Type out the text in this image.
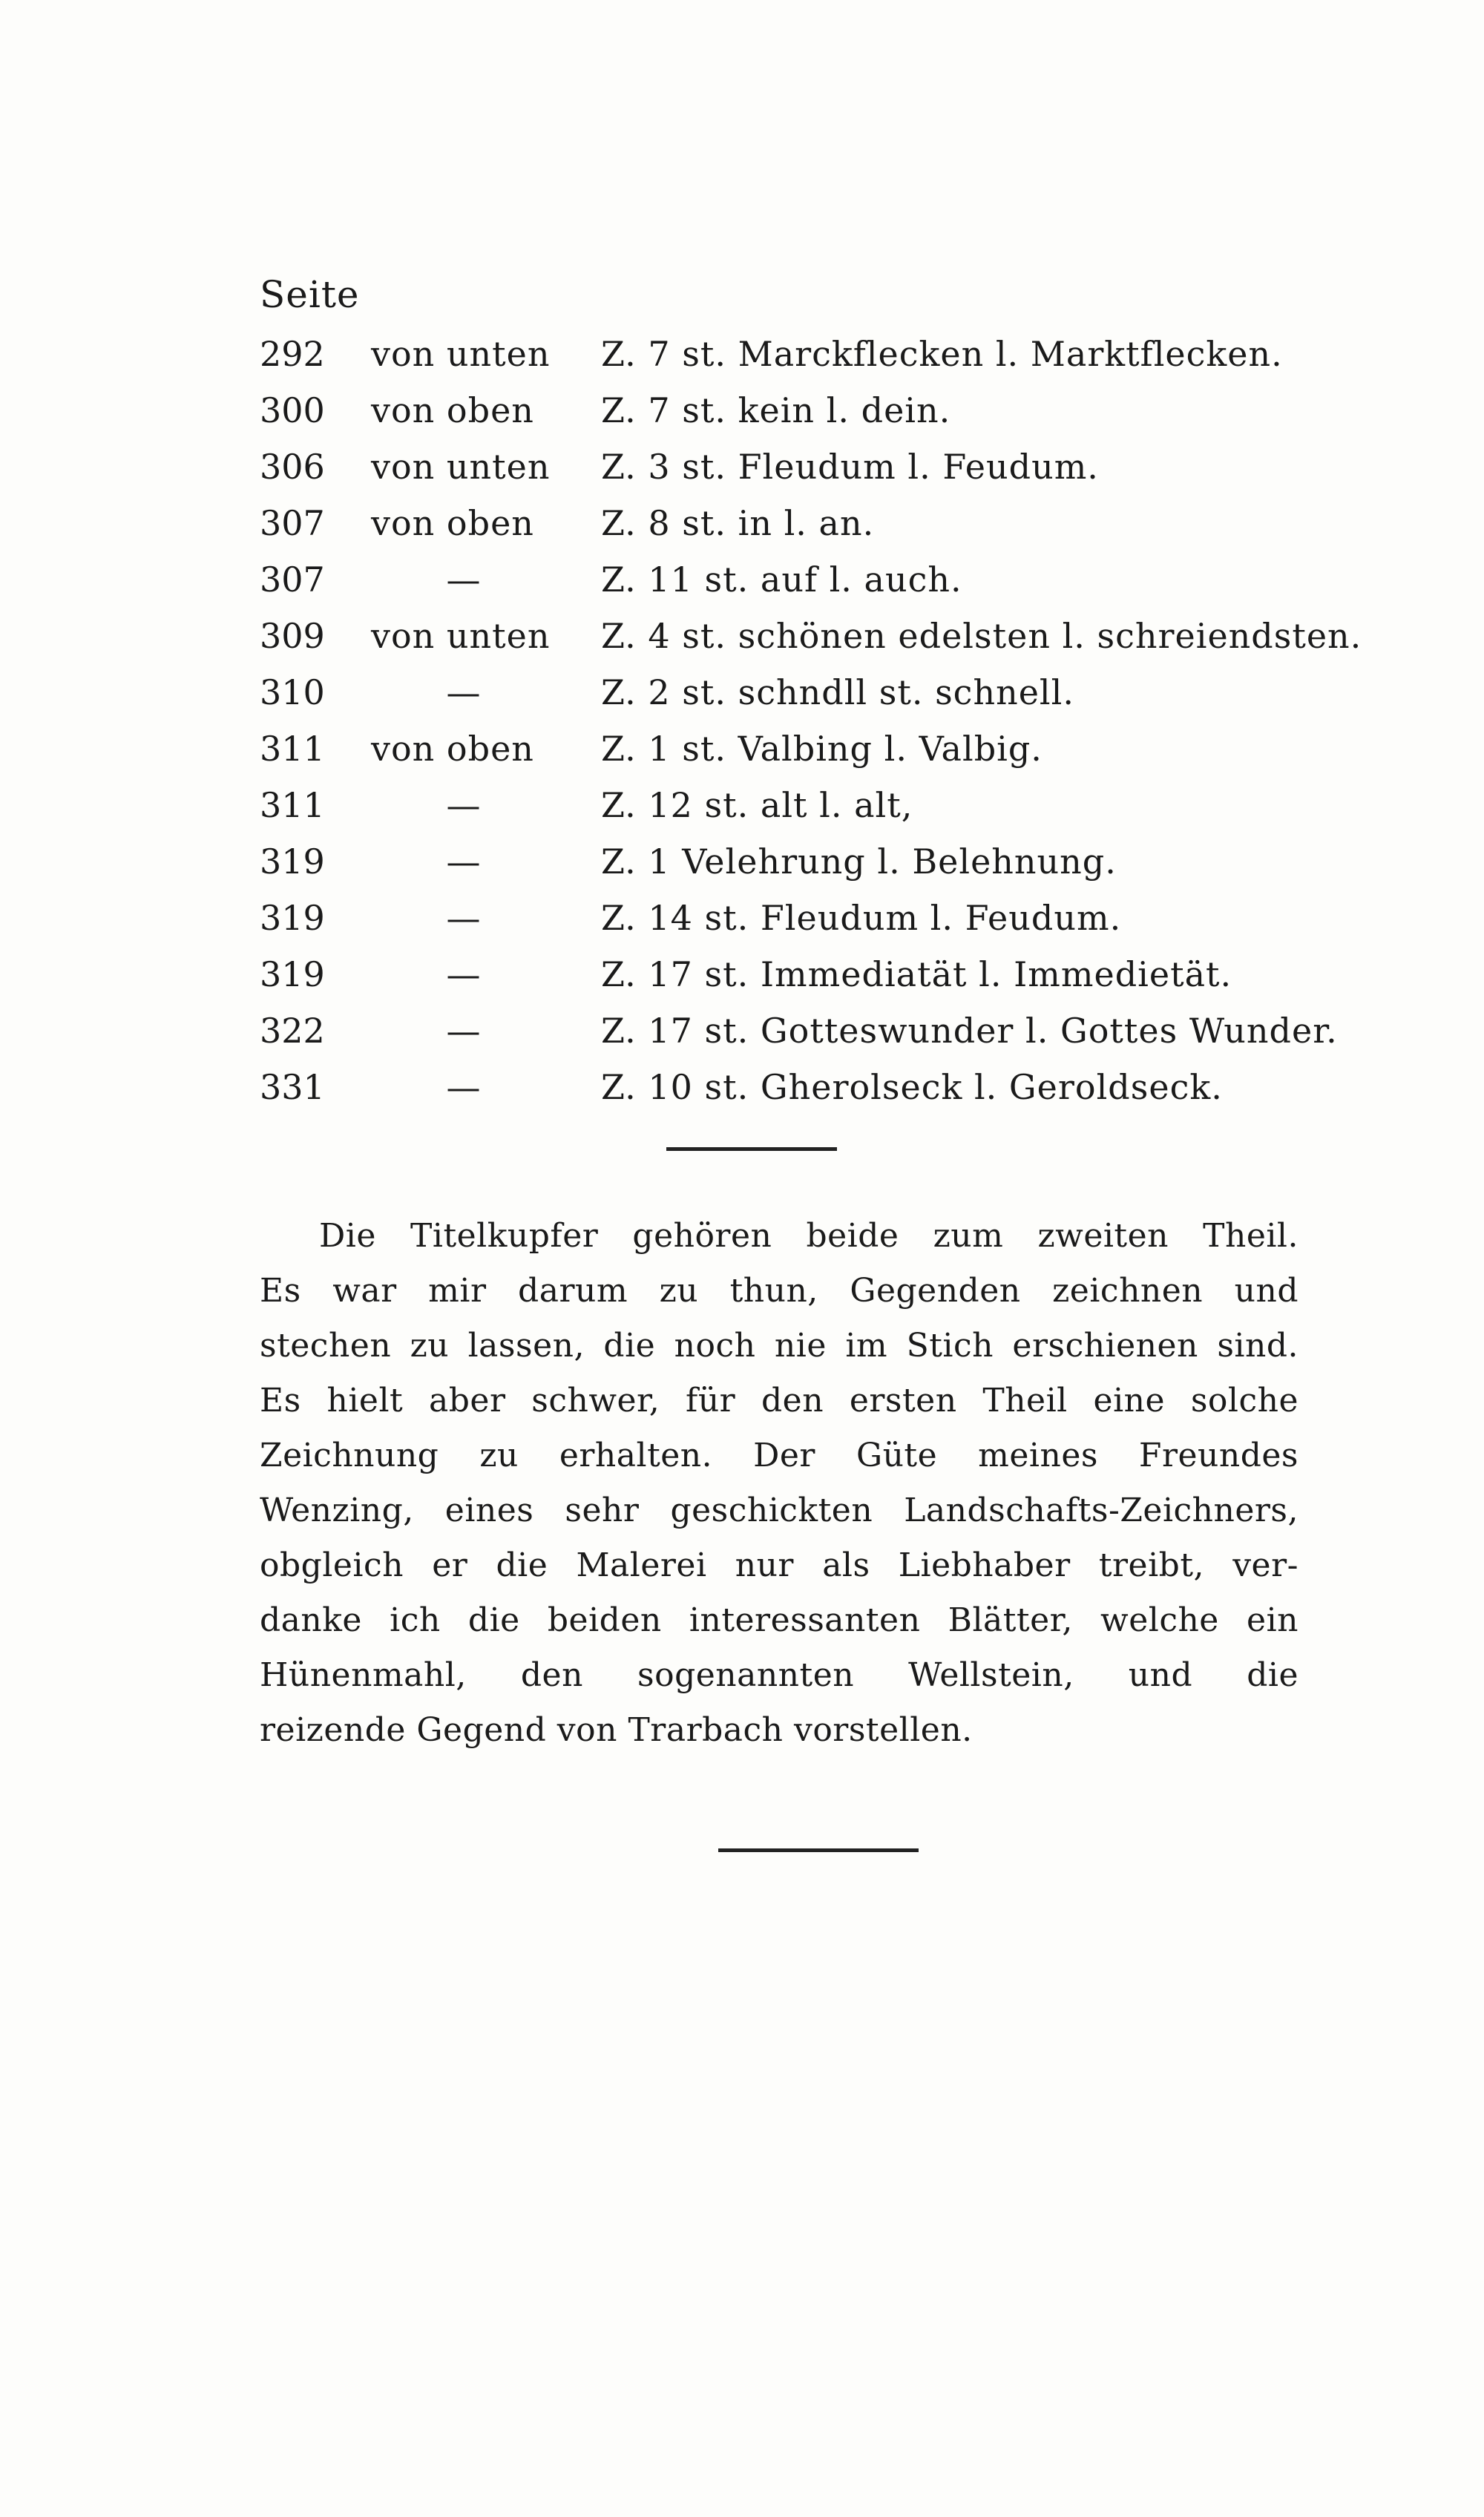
Seite
292	von unten	Z. 7 st. Marckflecken l. Marktflecken.
300	von oben	Z. 7 st. kein l. dein.
306	von unten	Z. 3 st. Fleudum l. Feudum.
307	von oben	Z. 8 st. in l. an.
307	—	Z. 11 st. auf l. auch.
309	von unten	Z. 4 st. schönen edelsten l. schreiendsten.
310	—	Z. 2 st. schndll st. schnell.
311	von oben	Z. 1 st. Valbing l. Valbig.
311	—	Z. 12 st. alt l. alt,
319	—	Z. 1 Velehrung l. Belehnung.
319	—	Z. 14 st. Fleudum l. Feudum.
319	—	Z. 17 st. Immediatät l. Immedietät.
322	—	Z. 17 st. Gotteswunder l. Gottes Wunder.
331	—	Z. 10 st. Gherolseck l. Geroldseck.
Die Titelkupfer gehören beide zum zweiten Theil.
Es war mir darum zu thun, Gegenden zeichnen und
stechen zu lassen, die noch nie im Stich erschienen sind.
Es hielt aber schwer, für den ersten Theil eine solche
Zeichnung zu erhalten. Der Güte meines Freundes
Wenzing, eines sehr geschickten Landschafts-Zeichners,
obgleich er die Malerei nur als Liebhaber treibt, ver-
danke ich die beiden interessanten Blätter, welche ein
Hünenmahl, den sogenannten Wellstein, und die
reizende Gegend von Trarbach vorstellen.
